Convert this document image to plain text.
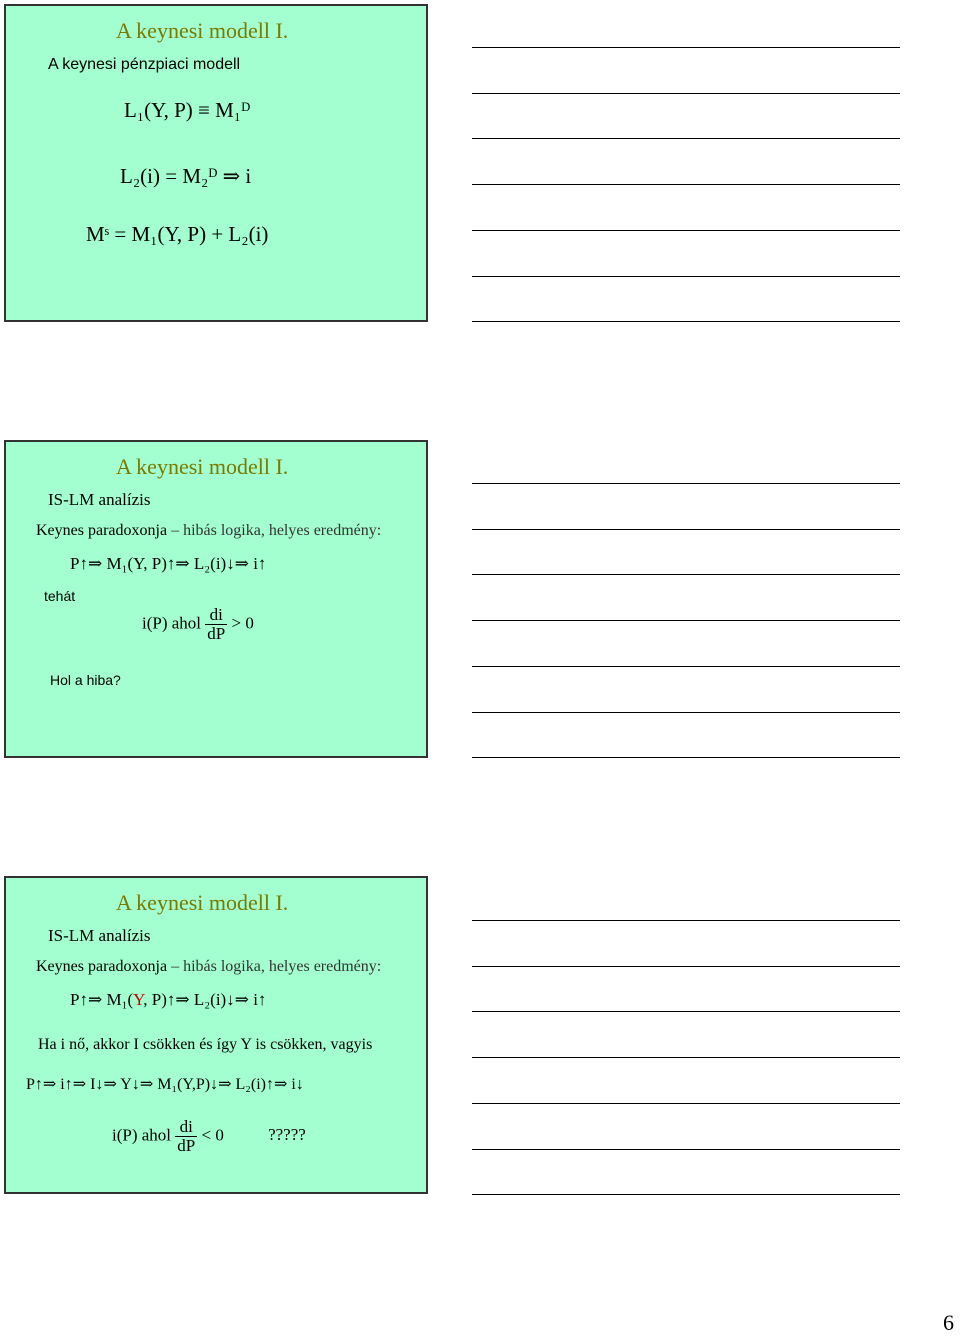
A keynesi modell I.
A keynesi pénzpiaci modell
L₁(Y, P) ≡ M₁ᴰ
L₂(i) = M₂ᴰ ⇒ i
Mˢ = M₁(Y, P) + L₂(i)
A keynesi modell I.
IS-LM analízis
Keynes paradoxonja – hibás logika, helyes eredmény:
P↑⇒ M₁(Y, P)↑⇒ L₂(i)↓⇒ i↑
tehát
i(P) ahol $\frac{di}{dP} > 0$
Hol a hiba?
A keynesi modell I.
IS-LM analízis
Keynes paradoxonja – hibás logika, helyes eredmény:
P↑⇒ M₁(Y, P)↑⇒ L₂(i)↓⇒ i↑
Ha i nő, akkor I csökken és így Y is csökken, vagyis
P↑⇒ i↑⇒ I↓⇒ Y↓⇒ M₁(Y,P)↓⇒ L₂(i)↑⇒ i↓
i(P) ahol $\frac{di}{dP} < 0$	?????
6
